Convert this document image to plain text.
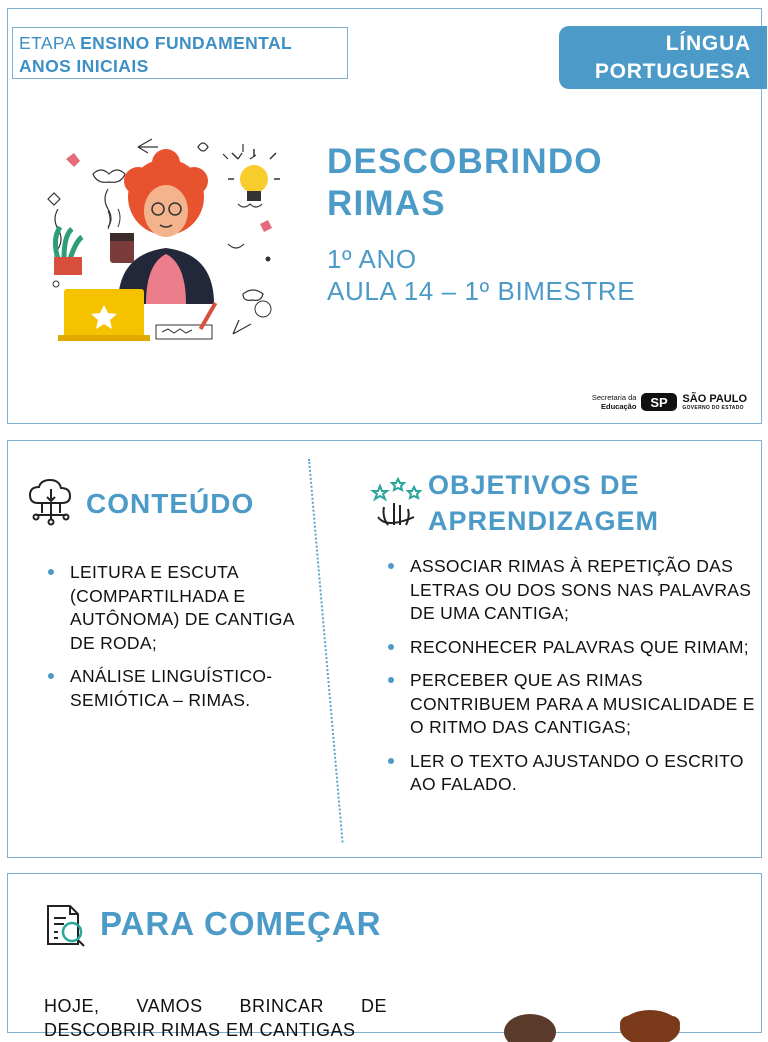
ETAPA ENSINO FUNDAMENTAL
ANOS INICIAIS
LÍNGUA
PORTUGUESA
DESCOBRINDO
RIMAS
1º ANO
AULA 14 – 1º BIMESTRE
Secretaria da
Educação SP SÃO PAULO
GOVERNO DO ESTADO
CONTEÚDO
OBJETIVOS DE
APRENDIZAGEM
LEITURA E ESCUTA (COMPARTILHADA E AUTÔNOMA) DE CANTIGA DE RODA;
ANÁLISE LINGUÍSTICO-SEMIÓTICA – RIMAS.
ASSOCIAR RIMAS À REPETIÇÃO DAS LETRAS OU DOS SONS NAS PALAVRAS DE UMA CANTIGA;
RECONHECER PALAVRAS QUE RIMAM;
PERCEBER QUE AS RIMAS CONTRIBUEM PARA A MUSICALIDADE E O RITMO DAS CANTIGAS;
LER O TEXTO AJUSTANDO O ESCRITO AO FALADO.
PARA COMEÇAR
HOJE, VAMOS BRINCAR DE
DESCOBRIR RIMAS EM CANTIGAS
